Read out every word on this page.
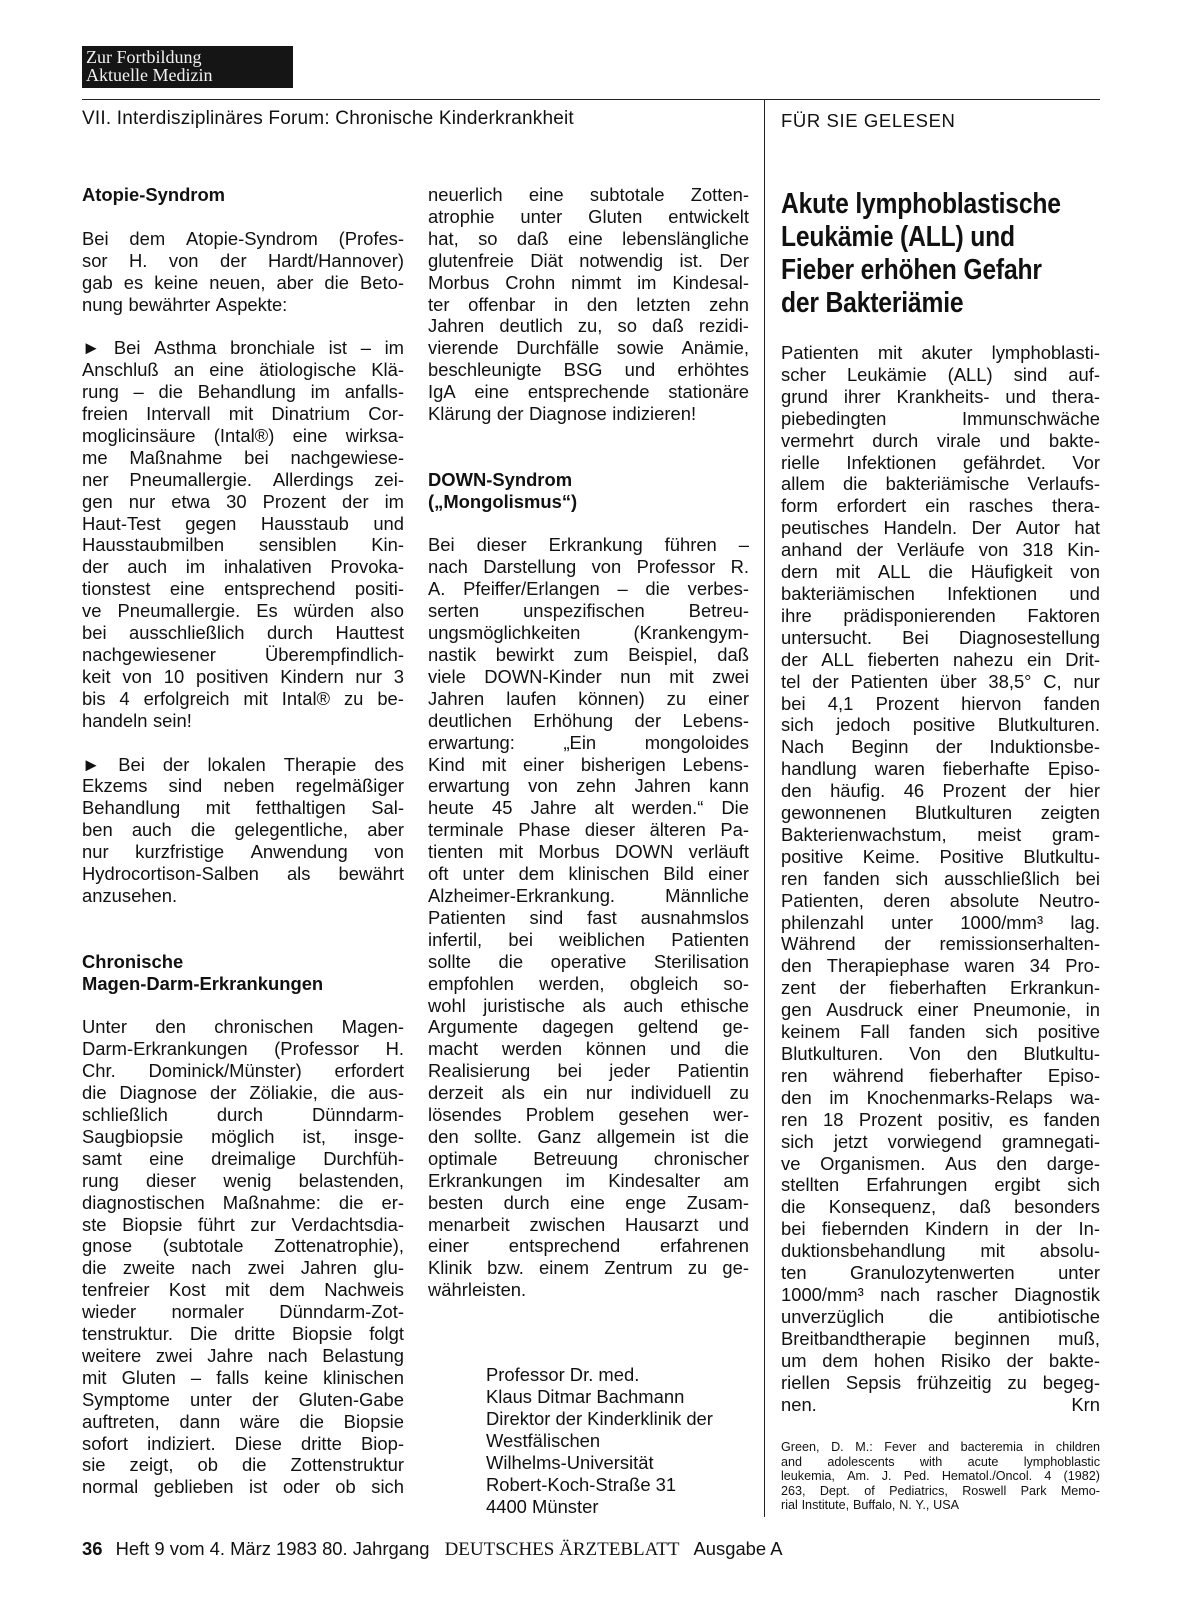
Zur Fortbildung
Aktuelle Medizin
VII. Interdisziplinäres Forum: Chronische Kinderkrankheit	FÜR SIE GELESEN
Atopie-Syndrom
Bei dem Atopie-Syndrom (Profes-
sor H. von der Hardt/Hannover)
gab es keine neuen, aber die Beto-
nung bewährter Aspekte:
► Bei Asthma bronchiale ist – im
Anschluß an eine ätiologische Klä-
rung – die Behandlung im anfalls-
freien Intervall mit Dinatrium Cor-
moglicinsäure (Intal®) eine wirksa-
me Maßnahme bei nachgewiese-
ner Pneumallergie. Allerdings zei-
gen nur etwa 30 Prozent der im
Haut-Test gegen Hausstaub und
Hausstaubmilben sensiblen Kin-
der auch im inhalativen Provoka-
tionstest eine entsprechend positi-
ve Pneumallergie. Es würden also
bei ausschließlich durch Hauttest
nachgewiesener	Überempfindlich-
keit von 10 positiven Kindern nur 3
bis 4 erfolgreich mit Intal® zu be-
handeln sein!
► Bei der lokalen Therapie des
Ekzems sind neben regelmäßiger
Behandlung mit fetthaltigen Sal-
ben auch die gelegentliche, aber
nur kurzfristige Anwendung von
Hydrocortison-Salben als bewährt
anzusehen.
Chronische
Magen-Darm-Erkrankungen
Unter den chronischen Magen-
Darm-Erkrankungen (Professor H.
Chr. Dominick/Münster) erfordert
die Diagnose der Zöliakie, die aus-
schließlich	durch	Dünndarm-
Saugbiopsie möglich ist, insge-
samt eine dreimalige Durchfüh-
rung dieser wenig belastenden,
diagnostischen Maßnahme: die er-
ste Biopsie führt zur Verdachtsdia-
gnose (subtotale Zottenatrophie),
die zweite nach zwei Jahren glu-
tenfreier Kost mit dem Nachweis
wieder normaler Dünndarm-Zot-
tenstruktur. Die dritte Biopsie folgt
weitere zwei Jahre nach Belastung
mit Gluten – falls keine klinischen
Symptome unter der Gluten-Gabe
auftreten, dann wäre die Biopsie
sofort indiziert. Diese dritte Biop-
sie zeigt, ob die Zottenstruktur
normal geblieben ist oder ob sich
neuerlich eine subtotale Zotten-
atrophie unter Gluten entwickelt
hat, so daß eine lebenslängliche
glutenfreie Diät notwendig ist. Der
Morbus Crohn nimmt im Kindesal-
ter offenbar in den letzten zehn
Jahren deutlich zu, so daß rezidi-
vierende Durchfälle sowie Anämie,
beschleunigte BSG und erhöhtes
IgA eine entsprechende stationäre
Klärung der Diagnose indizieren!
DOWN-Syndrom
(„Mongolismus“)
Bei dieser Erkrankung führen –
nach Darstellung von Professor R.
A. Pfeiffer/Erlangen – die verbes-
serten unspezifischen Betreu-
ungsmöglichkeiten	(Krankengym-
nastik bewirkt zum Beispiel, daß
viele DOWN-Kinder nun mit zwei
Jahren laufen können) zu einer
deutlichen Erhöhung der Lebens-
erwartung:	„Ein	mongoloides
Kind mit einer bisherigen Lebens-
erwartung von zehn Jahren kann
heute 45 Jahre alt werden.“ Die
terminale Phase dieser älteren Pa-
tienten mit Morbus DOWN verläuft
oft unter dem klinischen Bild einer
Alzheimer-Erkrankung.	Männliche
Patienten sind fast ausnahmslos
infertil, bei weiblichen Patienten
sollte die operative Sterilisation
empfohlen werden, obgleich so-
wohl juristische als auch ethische
Argumente dagegen geltend ge-
macht werden können und die
Realisierung bei jeder Patientin
derzeit als ein nur individuell zu
lösendes Problem gesehen wer-
den sollte. Ganz allgemein ist die
optimale Betreuung chronischer
Erkrankungen im Kindesalter am
besten durch eine enge Zusam-
menarbeit zwischen Hausarzt und
einer entsprechend erfahrenen
Klinik bzw. einem Zentrum zu ge-
währleisten.
Professor Dr. med.
Klaus Ditmar Bachmann
Direktor der Kinderklinik der
Westfälischen
Wilhelms-Universität
Robert-Koch-Straße 31
4400 Münster
Akute lymphoblastische
Leukämie (ALL) und
Fieber erhöhen Gefahr
der Bakteriämie
Patienten mit akuter lymphoblasti-
scher Leukämie (ALL) sind auf-
grund ihrer Krankheits- und thera-
piebedingten	Immunschwäche
vermehrt durch virale und bakte-
rielle Infektionen gefährdet. Vor
allem die bakteriämische Verlaufs-
form erfordert ein rasches thera-
peutisches Handeln. Der Autor hat
anhand der Verläufe von 318 Kin-
dern mit ALL die Häufigkeit von
bakteriämischen Infektionen und
ihre prädisponierenden Faktoren
untersucht. Bei Diagnosestellung
der ALL fieberten nahezu ein Drit-
tel der Patienten über 38,5° C, nur
bei 4,1 Prozent hiervon fanden
sich jedoch positive Blutkulturen.
Nach Beginn der Induktionsbe-
handlung waren fieberhafte Episo-
den häufig. 46 Prozent der hier
gewonnenen Blutkulturen zeigten
Bakterienwachstum, meist gram-
positive Keime. Positive Blutkultu-
ren fanden sich ausschließlich bei
Patienten, deren absolute Neutro-
philenzahl unter 1000/mm³ lag.
Während der remissionserhalten-
den Therapiephase waren 34 Pro-
zent der fieberhaften Erkrankun-
gen Ausdruck einer Pneumonie, in
keinem Fall fanden sich positive
Blutkulturen. Von den Blutkultu-
ren während fieberhafter Episo-
den im Knochenmarks-Relaps wa-
ren 18 Prozent positiv, es fanden
sich jetzt vorwiegend gramnegati-
ve Organismen. Aus den darge-
stellten Erfahrungen ergibt sich
die Konsequenz, daß besonders
bei fiebernden Kindern in der In-
duktionsbehandlung mit absolu-
ten Granulozytenwerten unter
1000/mm³ nach rascher Diagnostik
unverzüglich die antibiotische
Breitbandtherapie beginnen muß,
um dem hohen Risiko der bakte-
riellen Sepsis frühzeitig zu begeg-
nen.	Krn
Green, D. M.: Fever and bacteremia in children
and adolescents with acute lymphoblastic
leukemia, Am. J. Ped. Hematol./Oncol. 4 (1982)
263, Dept. of Pediatrics, Roswell Park Memo-
rial Institute, Buffalo, N. Y., USA
36 Heft 9 vom 4. März 1983 80. Jahrgang DEUTSCHES ÄRZTEBLATT Ausgabe A
